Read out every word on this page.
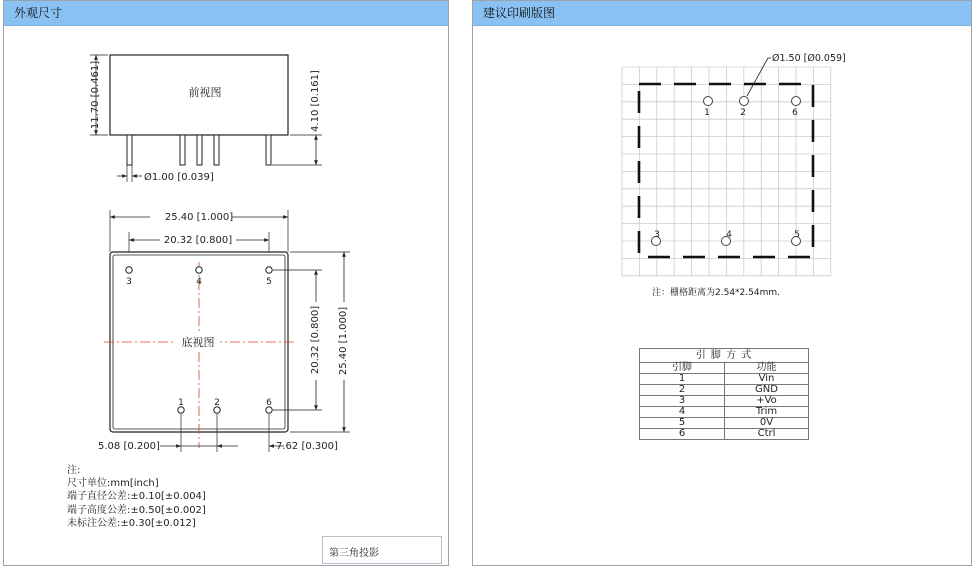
外观尺寸	建议印刷版图
前视图
11.70 [0.461]	4.10 [0.161]
Ø1.00 [0.039]
25.40 [1.000]
20.32 [0.800]
底视图
3	4	5
1	2	6
20.32 [0.800] 25.40 [1.000]
5.08 [0.200]	7.62 [0.300]
1	2	6
3	4	5
Ø1.50 [Ø0.059]
注：栅格距离为2.54*2.54mm.
注:
尺寸单位:mm[inch]
端子直径公差:±0.10[±0.004]
端子高度公差:±0.50[±0.002]
未标注公差:±0.30[±0.012]
第三角投影
引 脚 方 式	
引脚	功能
1	Vin
2	GND
3	+Vo
4	Trim
5	0V
6	Ctrl
